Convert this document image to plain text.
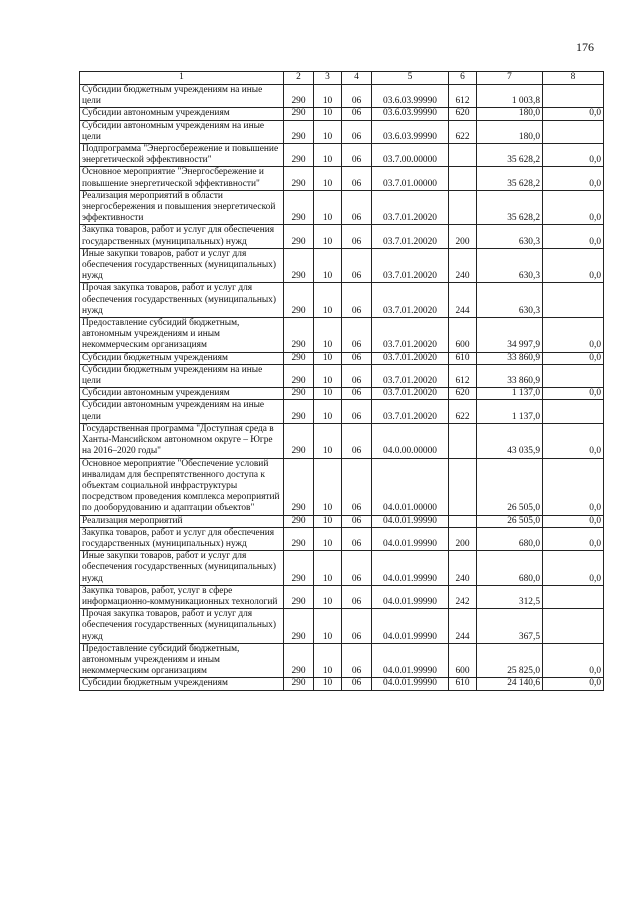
176
1	2	3	4	5	6	7	8
Субсидии бюджетным учреждениям на иные цели	290	10	06	03.6.03.99990	612	1 003,8	
Субсидии автономным учреждениям	290	10	06	03.6.03.99990	620	180,0	0,0
Субсидии автономным учреждениям на иные цели	290	10	06	03.6.03.99990	622	180,0	
Подпрограмма "Энергосбережение и повышение энергетической эффективности"	290	10	06	03.7.00.00000		35 628,2	0,0
Основное мероприятие "Энергосбережение и повышение энергетической эффективности"	290	10	06	03.7.01.00000		35 628,2	0,0
Реализация мероприятий в области энергосбережения и повышения энергетической эффективности	290	10	06	03.7.01.20020		35 628,2	0,0
Закупка товаров, работ и услуг для обеспечения государственных (муниципальных) нужд	290	10	06	03.7.01.20020	200	630,3	0,0
Иные закупки товаров, работ и услуг для обеспечения государственных (муниципальных) нужд	290	10	06	03.7.01.20020	240	630,3	0,0
Прочая закупка товаров, работ и услуг для обеспечения государственных (муниципальных) нужд	290	10	06	03.7.01.20020	244	630,3	
Предоставление субсидий бюджетным, автономным учреждениям и иным некоммерческим организациям	290	10	06	03.7.01.20020	600	34 997,9	0,0
Субсидии бюджетным учреждениям	290	10	06	03.7.01.20020	610	33 860,9	0,0
Субсидии бюджетным учреждениям на иные цели	290	10	06	03.7.01.20020	612	33 860,9	
Субсидии автономным учреждениям	290	10	06	03.7.01.20020	620	1 137,0	0,0
Субсидии автономным учреждениям на иные цели	290	10	06	03.7.01.20020	622	1 137,0	
Государственная программа "Доступная среда в Ханты-Мансийском автономном округе – Югре на 2016–2020 годы"	290	10	06	04.0.00.00000		43 035,9	0,0
Основное мероприятие "Обеспечение условий инвалидам для беспрепятственного доступа к объектам социальной инфраструктуры посредством проведения комплекса мероприятий по дооборудованию и адаптации объектов"	290	10	06	04.0.01.00000		26 505,0	0,0
Реализация мероприятий	290	10	06	04.0.01.99990		26 505,0	0,0
Закупка товаров, работ и услуг для обеспечения государственных (муниципальных) нужд	290	10	06	04.0.01.99990	200	680,0	0,0
Иные закупки товаров, работ и услуг для обеспечения государственных (муниципальных) нужд	290	10	06	04.0.01.99990	240	680,0	0,0
Закупка товаров, работ, услуг в сфере информационно-коммуникационных технологий	290	10	06	04.0.01.99990	242	312,5	
Прочая закупка товаров, работ и услуг для обеспечения государственных (муниципальных) нужд	290	10	06	04.0.01.99990	244	367,5	
Предоставление субсидий бюджетным, автономным учреждениям и иным некоммерческим организациям	290	10	06	04.0.01.99990	600	25 825,0	0,0
Субсидии бюджетным учреждениям	290	10	06	04.0.01.99990	610	24 140,6	0,0
